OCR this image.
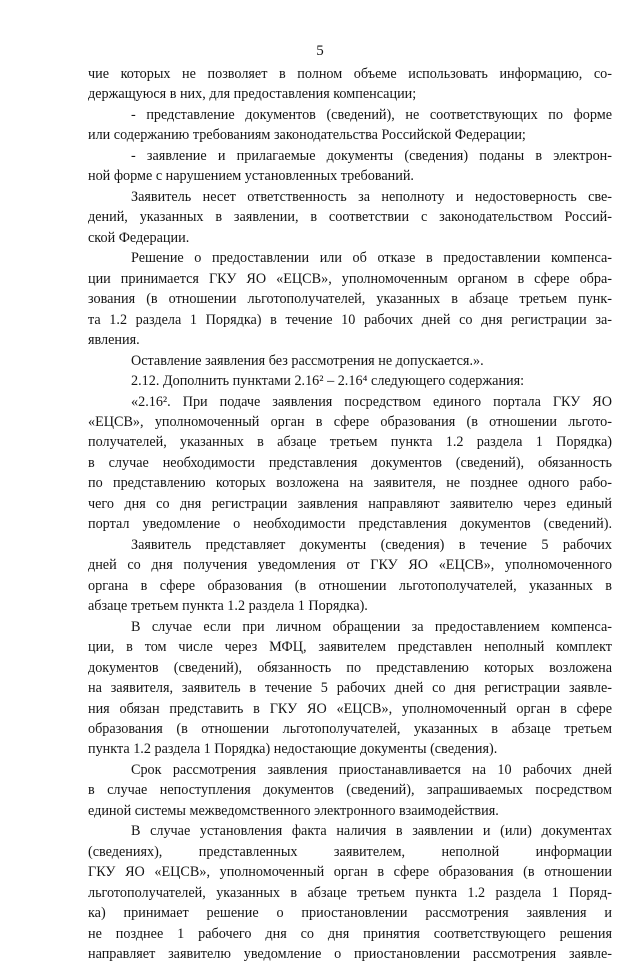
5
чие которых не позволяет в полном объеме использовать информацию, со-
держащуюся в них, для предоставления компенсации;
- представление документов (сведений), не соответствующих по форме
или содержанию требованиям законодательства Российской Федерации;
- заявление и прилагаемые документы (сведения) поданы в электрон-
ной форме с нарушением установленных требований.
Заявитель несет ответственность за неполноту и недостоверность све-
дений, указанных в заявлении, в соответствии с законодательством Россий-
ской Федерации.
Решение о предоставлении или об отказе в предоставлении компенса-
ции принимается ГКУ ЯО «ЕЦСВ», уполномоченным органом в сфере обра-
зования (в отношении льготополучателей, указанных в абзаце третьем пунк-
та 1.2 раздела 1 Порядка) в течение 10 рабочих дней со дня регистрации за-
явления.
Оставление заявления без рассмотрения не допускается.».
2.12. Дополнить пунктами 2.16² – 2.16⁴ следующего содержания:
«2.16². При подаче заявления посредством единого портала ГКУ ЯО
«ЕЦСВ», уполномоченный орган в сфере образования (в отношении льгото-
получателей, указанных в абзаце третьем пункта 1.2 раздела 1 Порядка)
в случае необходимости представления документов (сведений), обязанность
по представлению которых возложена на заявителя, не позднее одного рабо-
чего дня со дня регистрации заявления направляют заявителю через единый
портал уведомление о необходимости представления документов (сведений).
Заявитель представляет документы (сведения) в течение 5 рабочих
дней со дня получения уведомления от ГКУ ЯО «ЕЦСВ», уполномоченного
органа в сфере образования (в отношении льготополучателей, указанных в
абзаце третьем пункта 1.2 раздела 1 Порядка).
В случае если при личном обращении за предоставлением компенса-
ции, в том числе через МФЦ, заявителем представлен неполный комплект
документов (сведений), обязанность по представлению которых возложена
на заявителя, заявитель в течение 5 рабочих дней со дня регистрации заявле-
ния обязан представить в ГКУ ЯО «ЕЦСВ», уполномоченный орган в сфере
образования (в отношении льготополучателей, указанных в абзаце третьем
пункта 1.2 раздела 1 Порядка) недостающие документы (сведения).
Срок рассмотрения заявления приостанавливается на 10 рабочих дней
в случае непоступления документов (сведений), запрашиваемых посредством
единой системы межведомственного электронного взаимодействия.
В случае установления факта наличия в заявлении и (или) документах
(сведениях), представленных заявителем, неполной информации
ГКУ ЯО «ЕЦСВ», уполномоченный орган в сфере образования (в отношении
льготополучателей, указанных в абзаце третьем пункта 1.2 раздела 1 Поряд-
ка) принимает решение о приостановлении рассмотрения заявления и
не позднее 1 рабочего дня со дня принятия соответствующего решения
направляет заявителю уведомление о приостановлении рассмотрения заявле-
